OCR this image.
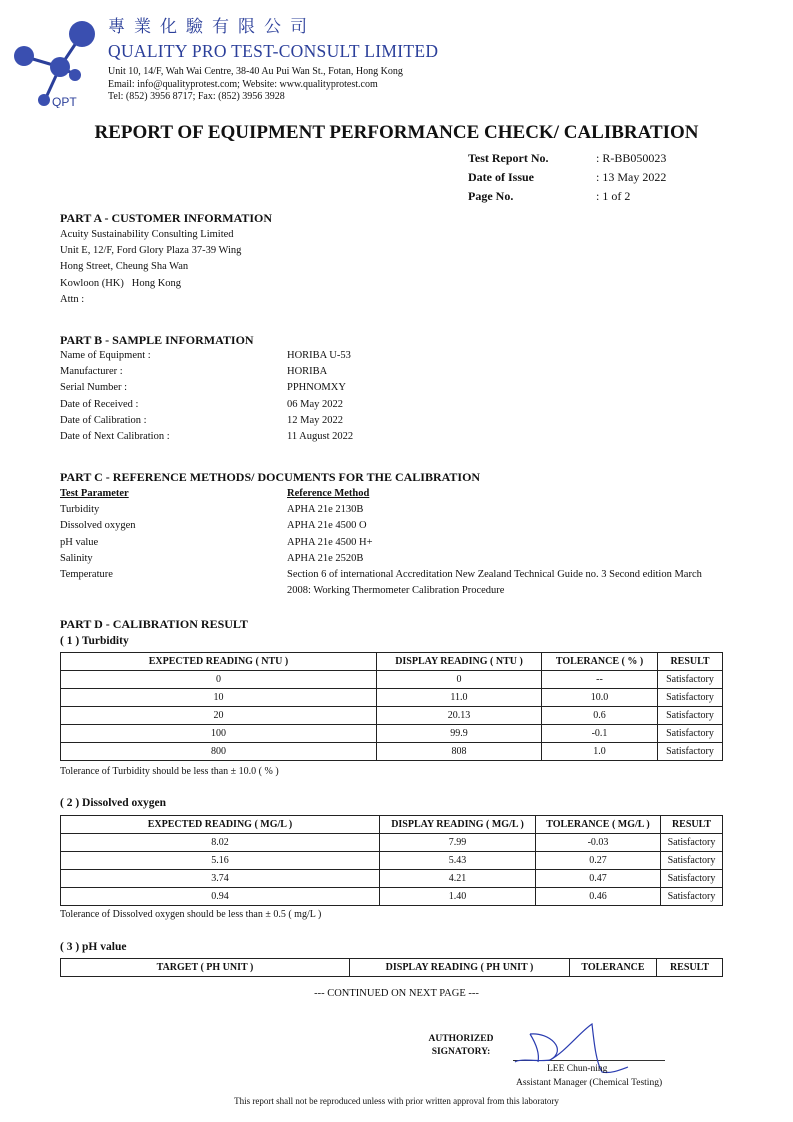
QPT
專業化驗有限公司
QUALITY PRO TEST-CONSULT LIMITED
Unit 10, 14/F, Wah Wai Centre, 38-40 Au Pui Wan St., Fotan, Hong Kong
Email: info@qualityprotest.com; Website: www.qualityprotest.com
Tel: (852) 3956 8717; Fax: (852) 3956 3928
REPORT OF EQUIPMENT PERFORMANCE CHECK/ CALIBRATION
Test Report No.	: R-BB050023
Date of Issue	: 13 May 2022
Page No.	: 1 of 2
PART A - CUSTOMER INFORMATION
Acuity Sustainability Consulting Limited
Unit E, 12/F, Ford Glory Plaza 37-39 Wing
Hong Street, Cheung Sha Wan
Kowloon (HK)   Hong Kong
Attn :
PART B - SAMPLE INFORMATION
Name of Equipment :	HORIBA U-53
Manufacturer :	HORIBA
Serial Number :	PPHNOMXY
Date of Received :	06 May 2022
Date of Calibration :	12 May 2022
Date of Next Calibration :	11 August 2022
PART C - REFERENCE METHODS/ DOCUMENTS FOR THE CALIBRATION
Test Parameter	Reference Method
Turbidity	APHA 21e 2130B
Dissolved oxygen	APHA 21e 4500 O
pH value	APHA 21e 4500 H+
Salinity	APHA 21e 2520B
Temperature	Section 6 of international Accreditation New Zealand Technical Guide no. 3 Second edition March 2008: Working Thermometer Calibration Procedure
PART D - CALIBRATION RESULT
( 1 ) Turbidity
EXPECTED READING ( NTU )	DISPLAY READING ( NTU )	TOLERANCE ( % )	RESULT
0	0	--	Satisfactory
10	11.0	10.0	Satisfactory
20	20.13	0.6	Satisfactory
100	99.9	-0.1	Satisfactory
800	808	1.0	Satisfactory
Tolerance of Turbidity should be less than ± 10.0 ( % )
( 2 ) Dissolved oxygen
EXPECTED READING ( MG/L )	DISPLAY READING ( MG/L )	TOLERANCE ( MG/L )	RESULT
8.02	7.99	-0.03	Satisfactory
5.16	5.43	0.27	Satisfactory
3.74	4.21	0.47	Satisfactory
0.94	1.40	0.46	Satisfactory
Tolerance of Dissolved oxygen should be less than ± 0.5 ( mg/L )
( 3 ) pH value
TARGET ( PH UNIT )	DISPLAY READING ( PH UNIT )	TOLERANCE	RESULT
--- CONTINUED ON NEXT PAGE ---
AUTHORIZED
SIGNATORY:
LEE Chun-ning
Assistant Manager (Chemical Testing)
This report shall not be reproduced unless with prior written approval from this laboratory
